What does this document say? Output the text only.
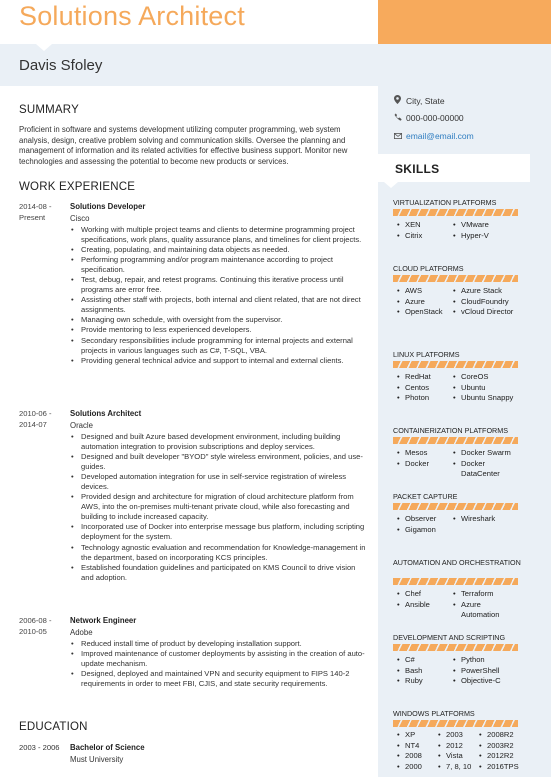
Solutions Architect
Davis Sfoley
City, State
000-000-00000
email@email.com
SKILLS
VIRTUALIZATION PLATFORMS
• XEN	• VMware
• Citrix	• Hyper-V
CLOUD PLATFORMS
• AWS	• Azure Stack
• Azure	• CloudFoundry
• OpenStack	• vCloud Director
LINUX PLATFORMS
• RedHat	• CoreOS
• Centos	• Ubuntu
• Photon	• Ubuntu Snappy
CONTAINERIZATION PLATFORMS
• Mesos	• Docker Swarm
• Docker	• Docker DataCenter
PACKET CAPTURE
• Observer	• Wireshark
• Gigamon
AUTOMATION AND ORCHESTRATION
• Chef	• Terraform
• Ansible	• Azure Automation
DEVELOPMENT AND SCRIPTING
• C#	• Python
• Bash	• PowerShell
• Ruby	• Objective-C
WINDOWS PLATFORMS
• XP	• 2003	• 2008R2
• NT4	• 2012	• 2003R2
• 2008	• Vista	• 2012R2
• 2000	• 7, 8, 10	• 2016TPS
SUMMARY
Proficient in software and systems development utilizing computer programming, web system analysis, design, creative problem solving and communication skills. Oversee the planning and management of information and its related activities for effective business support. Monitor new technologies and assessing the potential to become new products or services.
WORK EXPERIENCE
2014-08 - Present
Solutions Developer
Cisco
• Working with multiple project teams and clients to determine programming project specifications, work plans, quality assurance plans, and timelines for client projects.
• Creating, populating, and maintaining data objects as needed.
• Performing programming and/or program maintenance according to project specification.
• Test, debug, repair, and retest programs. Continuing this iterative process until programs are error free.
• Assisting other staff with projects, both internal and client related, that are not direct assignments.
• Managing own schedule, with oversight from the supervisor.
• Provide mentoring to less experienced developers.
• Secondary responsibilities include programming for internal projects and external projects in various languages such as C#, T-SQL, VBA.
• Providing general technical advice and support to internal and external clients.
2010-06 - 2014-07
Solutions Architect
Oracle
• Designed and built Azure based development environment, including building automation integration to provision subscriptions and deploy services.
• Designed and built developer "BYOD" style wireless environment, policies, and use-guides.
• Developed automation integration for use in self-service registration of wireless devices.
• Provided design and architecture for migration of cloud architecture platform from AWS, into the on-premises multi-tenant private cloud, while also forecasting and building to include increased capacity.
• Incorporated use of Docker into enterprise message bus platform, including scripting deployment for the system.
• Technology agnostic evaluation and recommendation for Knowledge-management in the department, based on incorporating KCS principles.
• Established foundation guidelines and participated on KMS Council to drive vision and adoption.
2006-08 - 2010-05
Network Engineer
Adobe
• Reduced install time of product by developing installation support.
• Improved maintenance of customer deployments by assisting in the creation of auto-update mechanism.
• Designed, deployed and maintained VPN and security equipment to FIPS 140-2 requirements in order to meet FBI, CJIS, and state security requirements.
EDUCATION
2003 - 2006	Bachelor of Science
Must University
